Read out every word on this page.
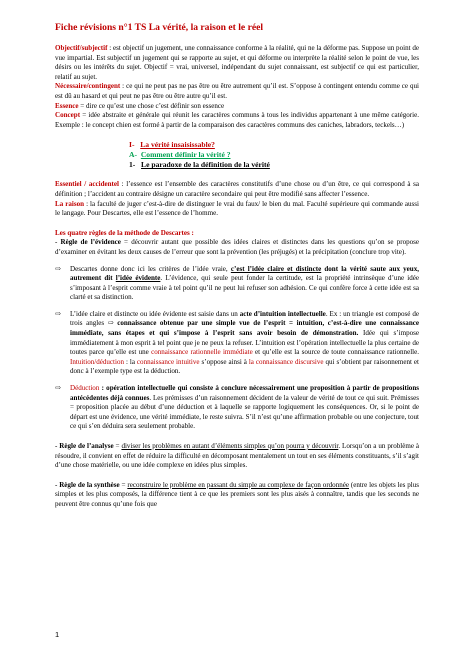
Fiche révisions n°1 TS La vérité, la raison et le réel

Objectif/subjectif : est objectif un jugement, une connaissance conforme à la réalité, qui ne la déforme pas. Suppose un point de vue impartial. Est subjectif un jugement qui se rapporte au sujet, et qui déforme ou interprète la réalité selon le point de vue, les désirs ou les intérêts du sujet. Objectif = vrai, universel, indépendant du sujet connaissant, est subjectif ce qui est particulier, relatif au sujet.

Nécessaire/contingent : ce qui ne peut pas ne pas être ou être autrement qu’il est. S’oppose à contingent entendu comme ce qui est dû au hasard et qui peut ne pas être ou être autre qu’il est.

Essence = dire ce qu’est une chose c’est définir son essence

Concept = idée abstraite et générale qui réunit les caractères communs à tous les individus appartenant à une même catégorie. Exemple : le concept chien est formé à partir de la comparaison des caractères communs des caniches, labradors, teckels…)

I- La vérité insaisissable?
A- Comment définir la vérité ?
1- Le paradoxe de la définition de la vérité

Essentiel / accidentel : l’essence est l’ensemble des caractères constitutifs d’une chose ou d’un être, ce qui correspond à sa définition ; l’accident au contraire désigne un caractère secondaire qui peut être modifié sans affecter l’essence.

La raison : la faculté de juger c’est-à-dire de distinguer le vrai du faux/ le bien du mal. Faculté supérieure qui commande aussi le langage. Pour Descartes, elle est l’essence de l’homme.

Les quatre règles de la méthode de Descartes :

- Règle de l’évidence = découvrir autant que possible des idées claires et distinctes dans les questions qu’on se propose d’examiner en évitant les deux causes de l’erreur que sont la prévention (les préjugés) et la précipitation (conclure trop vite).

⇨	Descartes donne donc ici les critères de l’idée vraie, c’est l’idée claire et distincte dont la vérité saute aux yeux, autrement dit l’idée évidente. L’évidence, qui seule peut fonder la certitude, est la propriété intrinsèque d’une idée s’imposant à l’esprit comme vraie à tel point qu’il ne peut lui refuser son adhésion. Ce qui confère force à cette idée est sa clarté et sa distinction.
⇨	L’idée claire et distincte ou idée évidente est saisie dans un acte d’intuition intellectuelle. Ex : un triangle est composé de trois angles ⇨ connaissance obtenue par une simple vue de l’esprit = intuition, c’est-à-dire une connaissance immédiate, sans étapes et qui s’impose à l’esprit sans avoir besoin de démonstration. Idée qui s’impose immédiatement à mon esprit à tel point que je ne peux la refuser. L’intuition est l’opération intellectuelle la plus certaine de toutes parce qu’elle est une connaissance rationnelle immédiate et qu’elle est la source de toute connaissance rationnelle. Intuition/déduction : la connaissance intuitive s’oppose ainsi à la connaissance discursive qui s’obtient par raisonnement et donc à l’exemple type est la déduction.
⇨	Déduction : opération intellectuelle qui consiste à conclure nécessairement une proposition à partir de propositions antécédentes déjà connues. Les prémisses d’un raisonnement décident de la valeur de vérité de tout ce qui suit. Prémisses = proposition placée au début d’une déduction et à laquelle se rapporte logiquement les conséquences. Or, si le point de départ est une évidence, une vérité immédiate, le reste suivra. S’il n’est qu’une affirmation probable ou une conjecture, tout ce qui s’en déduira sera seulement probable.

- Règle de l’analyse = diviser les problèmes en autant d’éléments simples qu’on pourra y découvrir. Lorsqu’on a un problème à résoudre, il convient en effet de réduire la difficulté en décomposant mentalement un tout en ses éléments constituants, s’il s’agit d’une chose matérielle, ou une idée complexe en idées plus simples.

- Règle de la synthèse = reconstruire le problème en passant du simple au complexe de façon ordonnée (entre les objets les plus simples et les plus composés, la différence tient à ce que les premiers sont les plus aisés à connaître, tandis que les seconds ne peuvent être connus qu’une fois que

1
